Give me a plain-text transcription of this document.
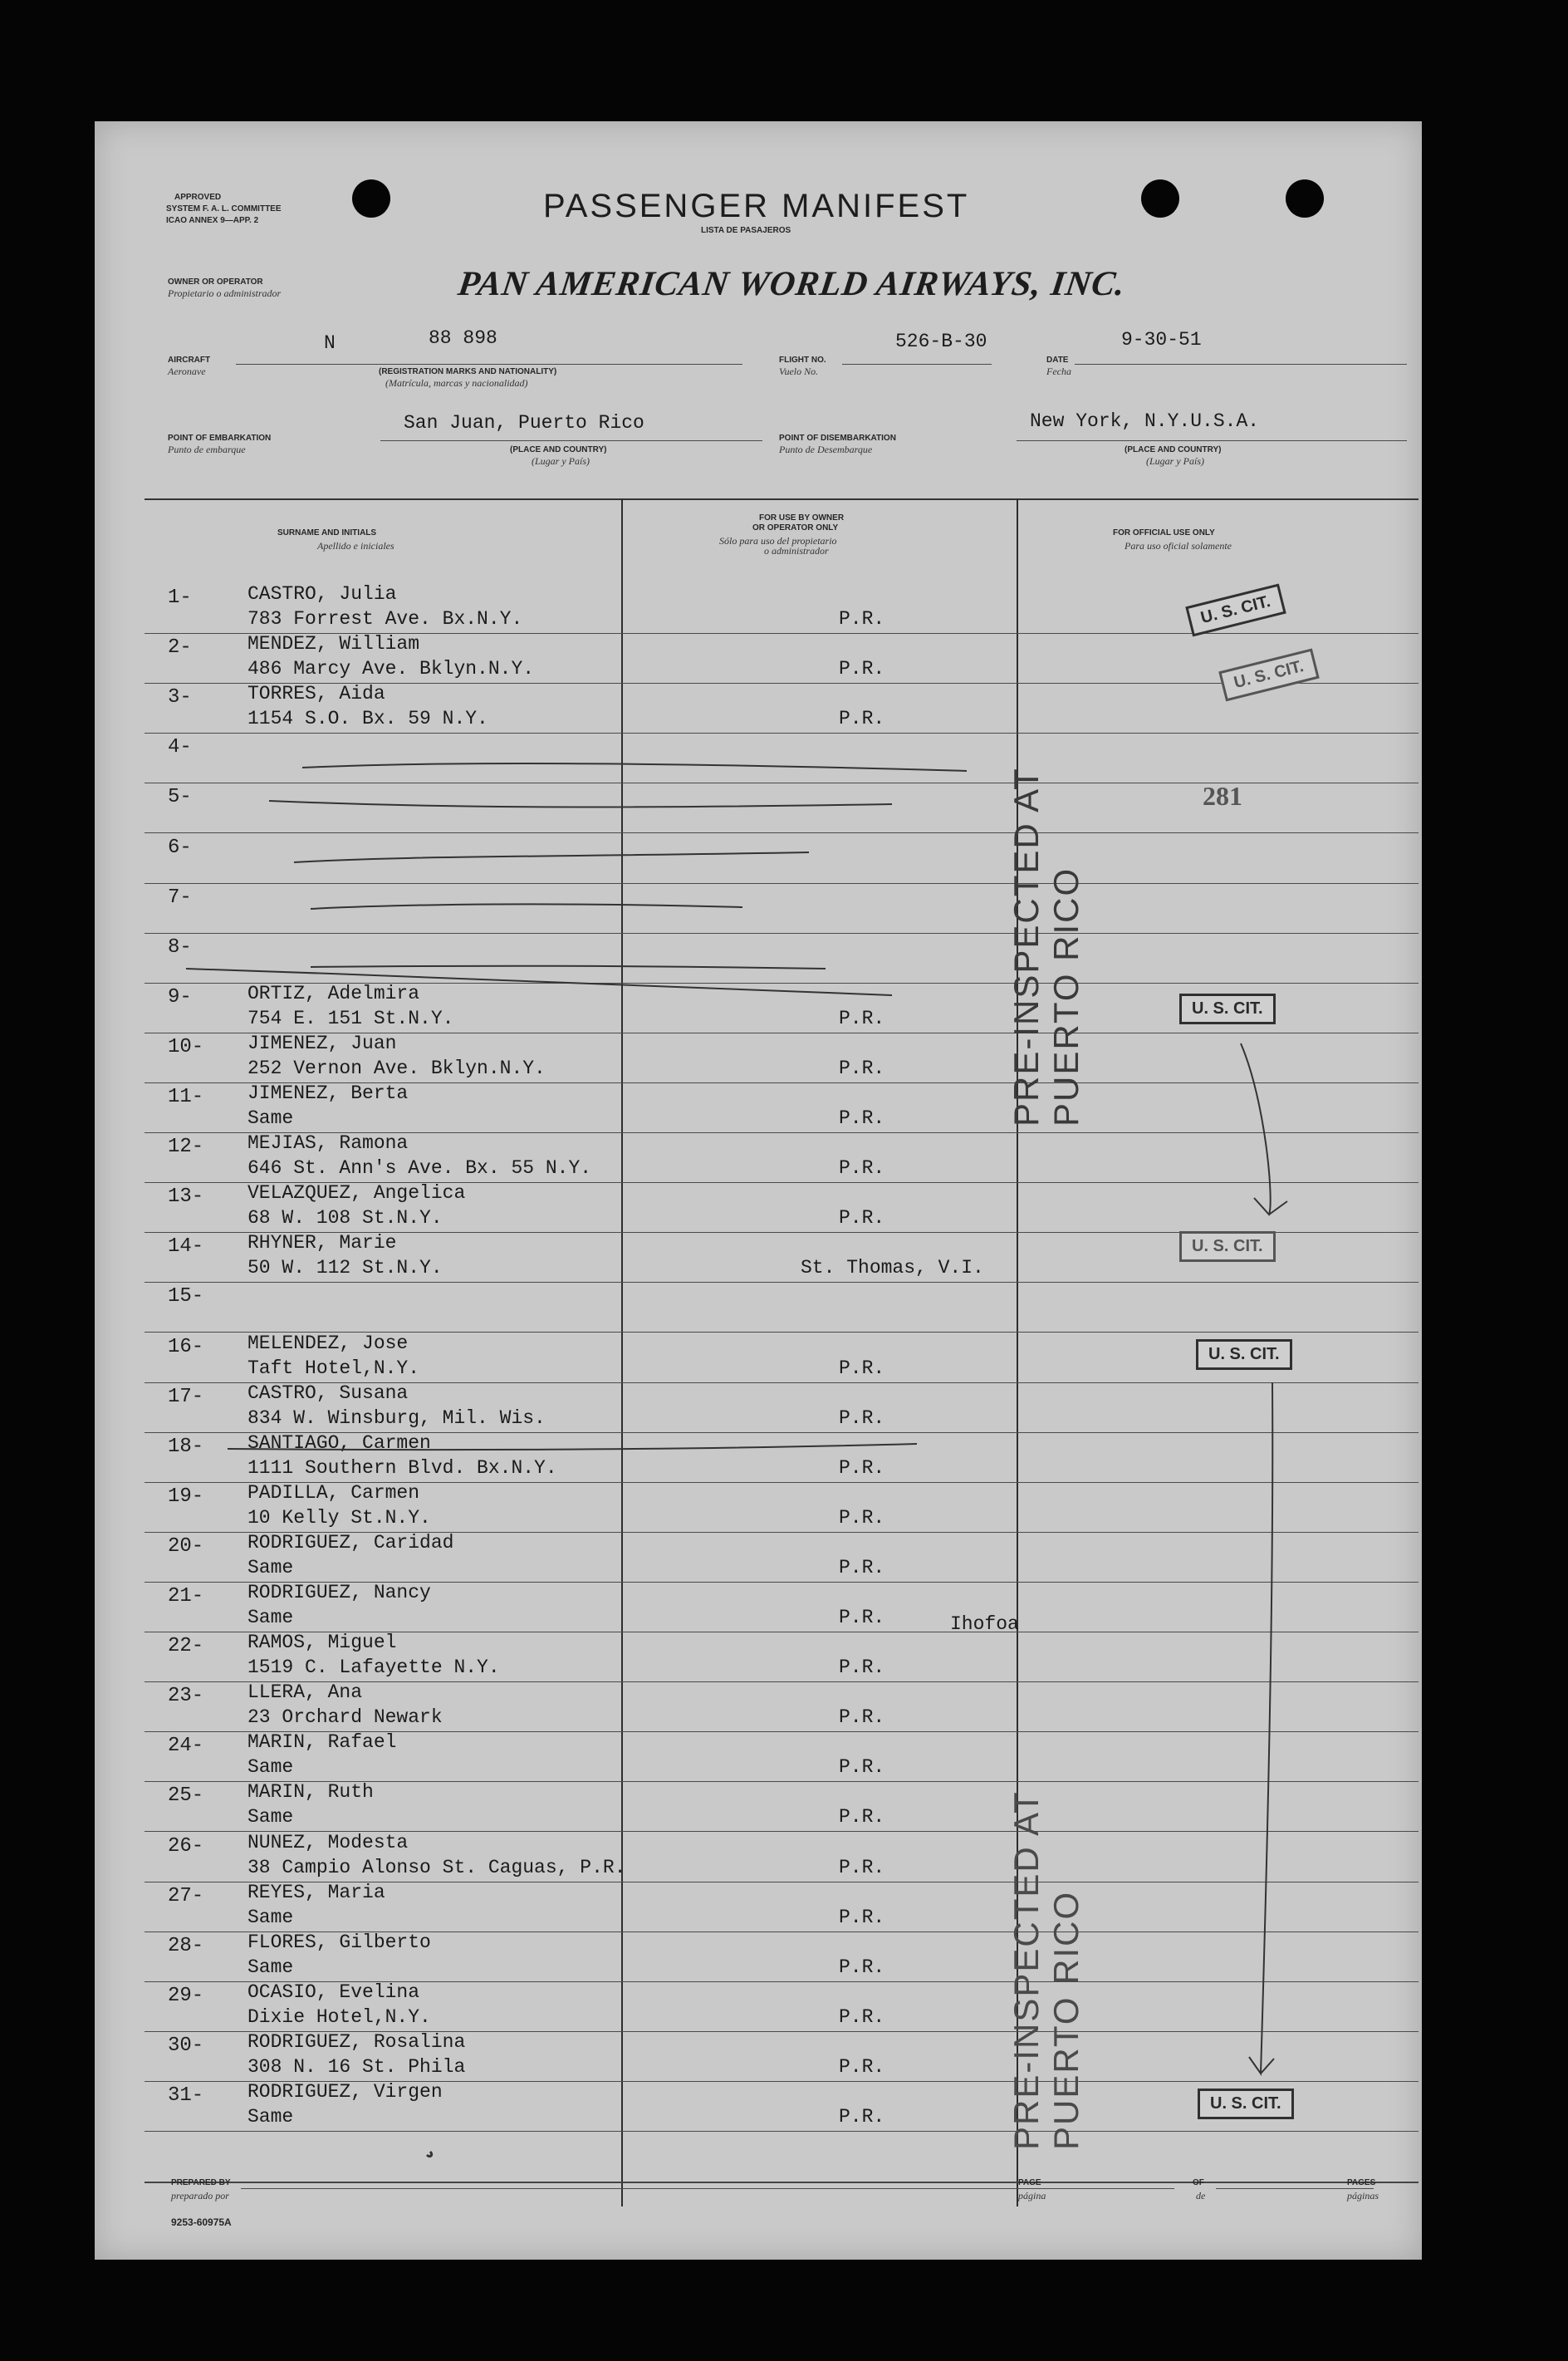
APPROVED
SYSTEM F. A. L. COMMITTEE
ICAO ANNEX 9—APP. 2	PASSENGER MANIFEST
LISTA DE PASAJEROS
OWNER OR OPERATOR
Propietario o administrador	PAN AMERICAN WORLD AIRWAYS, INC.
AIRCRAFT
Aeronave
N	88 898
(REGISTRATION MARKS AND NATIONALITY)
(Matrícula, marcas y nacionalidad)
FLIGHT NO.
Vuelo No.
526-B-30
DATE
Fecha
9-30-51
POINT OF EMBARKATION
Punto de embarque
San Juan, Puerto Rico
(PLACE AND COUNTRY)
(Lugar y País)
POINT OF DISEMBARKATION
Punto de Desembarque
New York, N.Y.U.S.A.
(PLACE AND COUNTRY)
(Lugar y País)
SURNAME AND INITIALS
Apellido e iniciales
FOR USE BY OWNER
OR OPERATOR ONLY
Sólo para uso del propietario
o administrador
FOR OFFICIAL USE ONLY
Para uso oficial solamente
1-	CASTRO, Julia
783 Forrest Ave. Bx.N.Y.	P.R.
2-	MENDEZ, William
486 Marcy Ave. Bklyn.N.Y.	P.R.
3-	TORRES, Aida
1154 S.O. Bx. 59 N.Y.	P.R.
4-
5-
6-
7-
8-
9-	ORTIZ, Adelmira
754 E. 151 St.N.Y.	P.R.
10- JIMENEZ, Juan
252 Vernon Ave. Bklyn.N.Y.	P.R.
11- JIMENEZ, Berta
Same	P.R.
12- MEJIAS, Ramona
646 St. Ann's Ave. Bx. 55 N.Y.	P.R.
13- VELAZQUEZ, Angelica
68 W. 108 St.N.Y.	P.R.
14- RHYNER, Marie
50 W. 112 St.N.Y.	St. Thomas, V.I.
15-
16- MELENDEZ, Jose
Taft Hotel,N.Y.	P.R.
17- CASTRO, Susana
834 W. Winsburg, Mil. Wis.	P.R.
18- SANTIAGO, Carmen
1111 Southern Blvd. Bx.N.Y.	P.R.
19- PADILLA, Carmen
10 Kelly St.N.Y.	P.R.
20- RODRIGUEZ, Caridad
Same	P.R.
21- RODRIGUEZ, Nancy
Same	P.R.
22- RAMOS, Miguel
1519 C. Lafayette N.Y.	P.R.
23- LLERA, Ana
23 Orchard Newark	P.R.
24- MARIN, Rafael
Same	P.R.
25- MARIN, Ruth
Same	P.R.
26- NUNEZ, Modesta
38 Campio Alonso St. Caguas, P.R.	P.R.
27- REYES, Maria
Same	P.R.
28- FLORES, Gilberto
Same	P.R.
29- OCASIO, Evelina
Dixie Hotel,N.Y.	P.R.
30- RODRIGUEZ, Rosalina
308 N. 16 St. Phila	P.R.
31- RODRIGUEZ, Virgen
Same	P.R.
PRE-INSPECTED AT PUERTO RICO
PRE-INSPECTED AT PUERTO RICO
U. S. CIT.
U. S. CIT.
U. S. CIT.
U. S. CIT.
U. S. CIT.
U. S. CIT.
281
Ihofoa
PREPARED BY
preparado por
PAGE
página
OF
de
PAGES
páginas
9253-60975A
